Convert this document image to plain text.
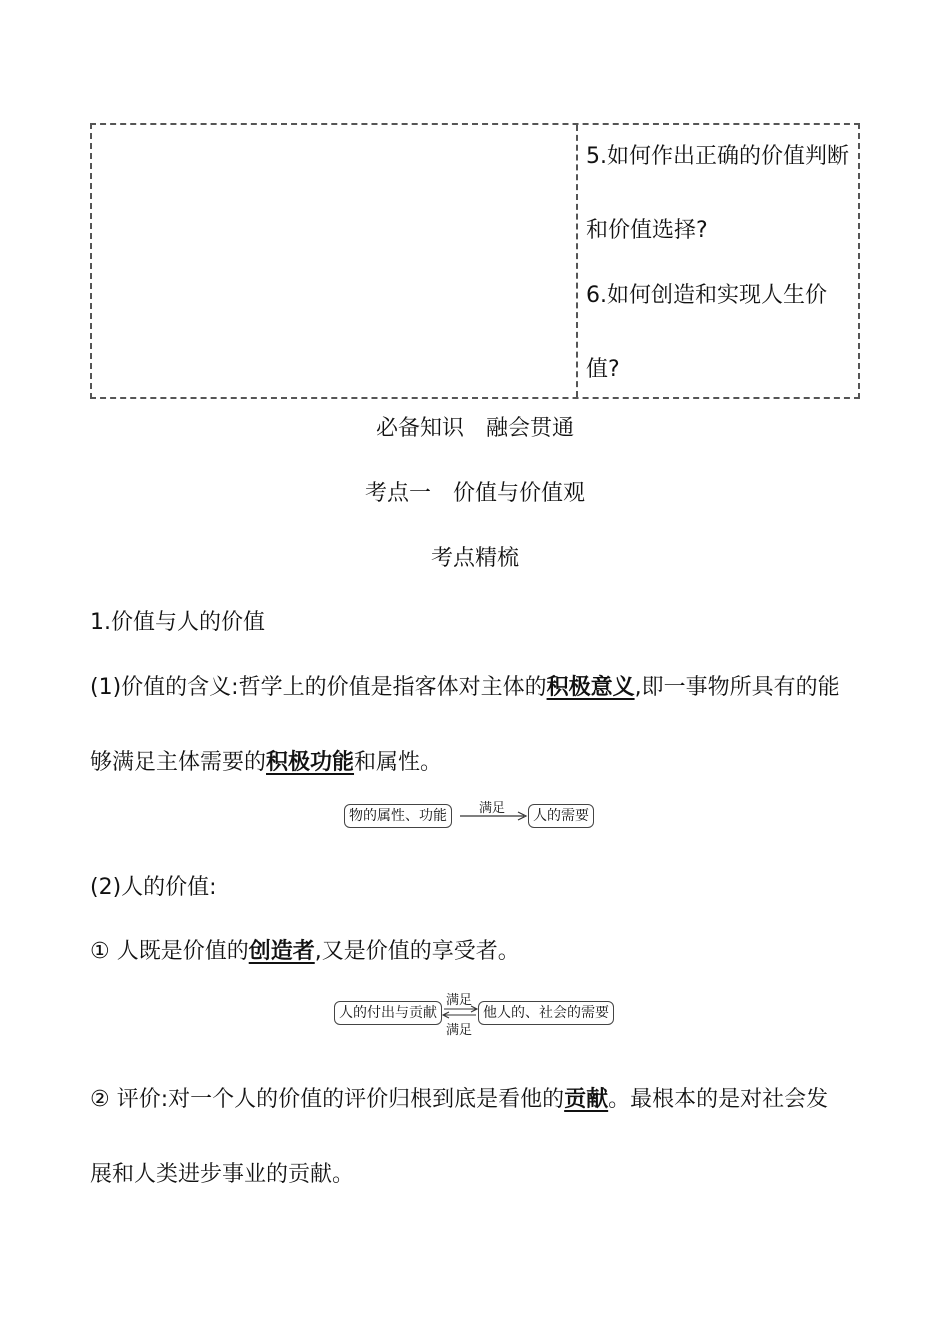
5.如何作出正确的价值判断
和价值选择?
6.如何创造和实现人生价
值?
必备知识　融会贯通
考点一　价值与价值观
考点精梳
1.价值与人的价值
(1)价值的含义:哲学上的价值是指客体对主体的积极意义,即一事物所具有的能
够满足主体需要的积极功能和属性。
物的属性、功能	满足	人的需要
(2)人的价值:
① 人既是价值的创造者,又是价值的享受者。
人的付出与贡献
满足
满足
他人的、社会的需要
② 评价:对一个人的价值的评价归根到底是看他的贡献。最根本的是对社会发
展和人类进步事业的贡献。
